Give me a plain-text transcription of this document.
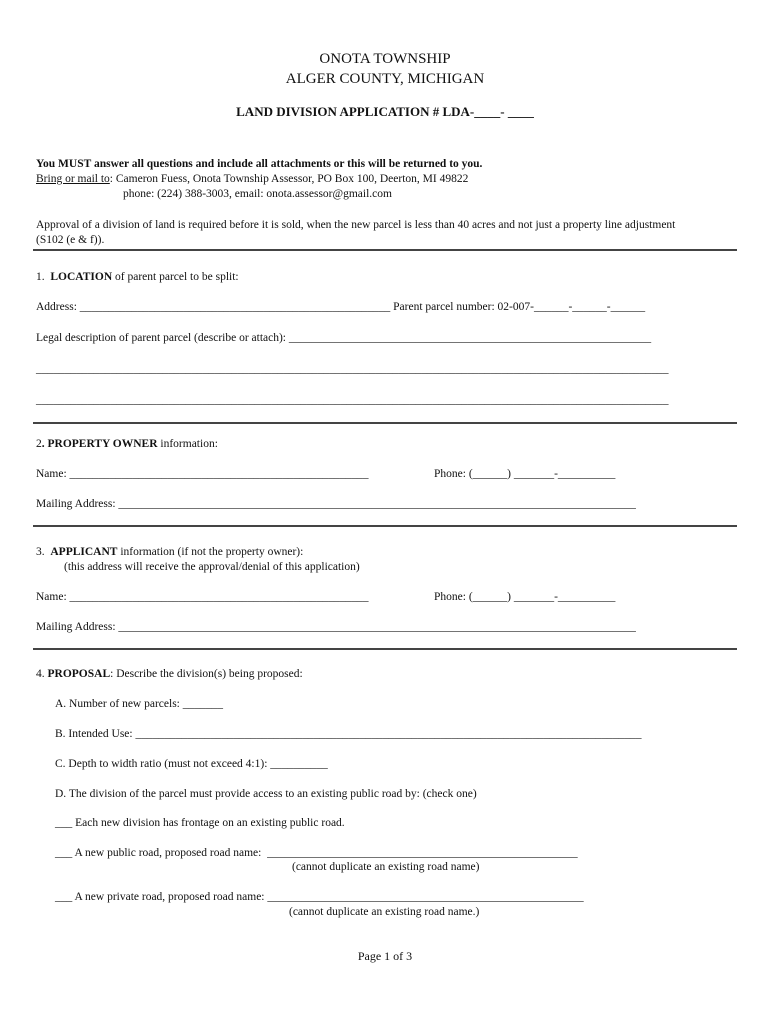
ONOTA TOWNSHIP
ALGER COUNTY, MICHIGAN
LAND DIVISION APPLICATION # LDA-____- ____
You MUST answer all questions and include all attachments or this will be returned to you.
Bring or mail to: Cameron Fuess, Onota Township Assessor, PO Box 100, Deerton, MI 49822
phone: (224) 388-3003, email: onota.assessor@gmail.com
Approval of a division of land is required before it is sold, when the new parcel is less than 40 acres and not just a property line adjustment
(S102 (e & f)).
1.  LOCATION of parent parcel to be split:
Address: ______________________________________________________ Parent parcel number: 02-007-______-______-______
Legal description of parent parcel (describe or attach): _______________________________________________________________
______________________________________________________________________________________________________________
______________________________________________________________________________________________________________
2. PROPERTY OWNER information:
Name: ____________________________________________________	Phone: (______) _______-__________
Mailing Address: __________________________________________________________________________________________
3.  APPLICANT information (if not the property owner):
(this address will receive the approval/denial of this application)
Name: ____________________________________________________	Phone: (______) _______-__________
Mailing Address: __________________________________________________________________________________________
4. PROPOSAL: Describe the division(s) being proposed:
A. Number of new parcels: _______
B. Intended Use: ________________________________________________________________________________________
C. Depth to width ratio (must not exceed 4:1): __________
D. The division of the parcel must provide access to an existing public road by: (check one)
___ Each new division has frontage on an existing public road.
___ A new public road, proposed road name:  ______________________________________________________
(cannot duplicate an existing road name)
___ A new private road, proposed road name: _______________________________________________________
(cannot duplicate an existing road name.)
Page 1 of 3
